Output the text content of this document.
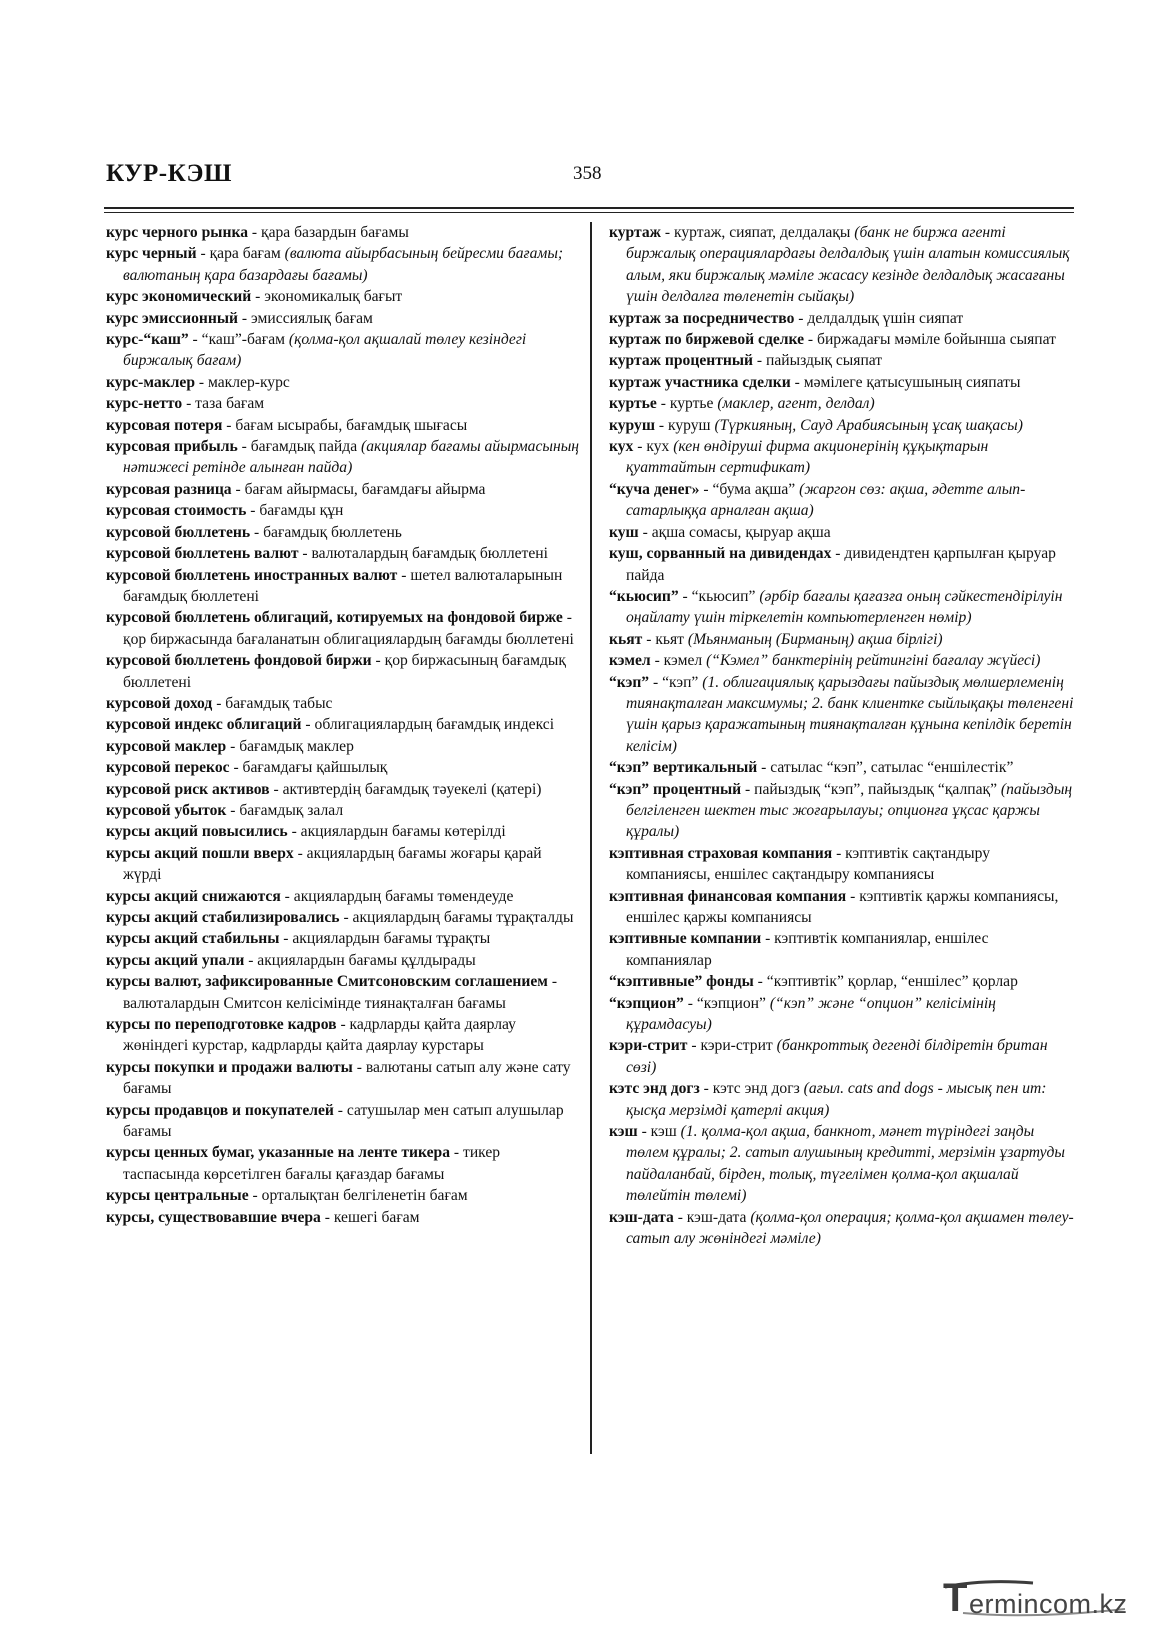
КУР-КЭШ	358
курс черного рынка - қара базардын бағамы
курс черный - қара бағам (валюта айырбасының бейресми бағамы; валютаның қара базардағы бағамы)
курс экономический - экономикалық бағыт
курс эмиссионный - эмиссиялық бағам
курс-“каш” - “каш”-бағам (қолма-қол ақшалай төлеу кезіндегі биржалық бағам)
курс-маклер - маклер-курс
курс-нетто - таза бағам
курсовая потеря - бағам ысырабы, бағамдық шығасы
курсовая прибыль - бағамдық пайда (акциялар бағамы айырмасының нәтижесі ретінде алынған пайда)
курсовая разница - бағам айырмасы, бағамдағы айырма
курсовая стоимость - бағамды құн
курсовой бюллетень - бағамдық бюллетень
курсовой бюллетень валют - валюталардың бағамдық бюллетені
курсовой бюллетень иностранных валют - шетел валюталарынын бағамдық бюллетені
курсовой бюллетень облигаций, котируемых на фондовой бирже - қор биржасында бағаланатын облигациялардың бағамды бюллетені
курсовой бюллетень фондовой биржи - қор биржасының бағамдық бюллетені
курсовой доход - бағамдық табыс
курсовой индекс облигаций - облигациялардың бағамдық индексі
курсовой маклер - бағамдық маклер
курсовой перекос - бағамдағы қайшылық
курсовой риск активов - активтердің бағамдық тәуекелі (қатері)
курсовой убыток - бағамдық залал
курсы акций повысились - акциялардын бағамы көтерілді
курсы акций пошли вверх - акциялардың бағамы жоғары қарай жүрді
курсы акций снижаются - акциялардың бағамы төмендеуде
курсы акций стабилизировались - акциялардың бағамы тұрақталды
курсы акций стабильны - акциялардын бағамы тұрақты
курсы акций упали - акциялардын бағамы құлдырады
курсы валют, зафиксированные Смитсоновским соглашением - валюталардын Смитсон келісімінде тиянақталған бағамы
курсы по переподготовке кадров - кадрларды қайта даярлау жөніндегі курстар, кадрларды қайта даярлау курстары
курсы покупки и продажи валюты - валютаны сатып алу және сату бағамы
курсы продавцов и покупателей - сатушылар мен сатып алушылар бағамы
курсы ценных бумаг, указанные на ленте тикера - тикер таспасында көрсетілген бағалы қағаздар бағамы
курсы центральные - орталықтан белгіленетін бағам
курсы, существовавшие вчера - кешегі бағам
куртаж - куртаж, сияпат, делдалақы (банк не биржа агенті биржалық операциялардағы делдалдық үшін алатын комиссиялық алым, яки биржалық мәміле жасасу кезінде делдалдық жасағаны үшін делдалға төленетін сыйақы)
куртаж за посредничество - делдалдық үшін сияпат
куртаж по биржевой сделке - биржадағы мәміле бойынша сыяпат
куртаж процентный - пайыздық сыяпат
куртаж участника сделки - мәмілеге қатысушының сияпаты
куртье - куртье (маклер, агент, делдал)
куруш - куруш (Түркияның, Сауд Арабиясының ұсақ шақасы)
кух - кух (кен өндіруші фирма акционерінің құқықтарын қуаттайтын сертификат)
“куча денег» - “бума ақша” (жаргон сөз: ақша, әдетте алып-сатарлыққа арналған ақша)
куш - ақша сомасы, қыруар ақша
куш, сорванный на дивидендах - дивидендтен қарпылған қыруар пайда
“кьюсип” - “кьюсип” (әрбір бағалы қағазға оның сәйкестендірілуін оңайлату үшін тіркелетін компьютерленген нөмір)
кьят - кьят (Мьянманың (Бирманың) ақша бірлігі)
кэмел - кэмел (“Кэмел” банктерінің рейтингіні бағалау жүйесі)
“кэп” - “кэп” (1. облигациялық қарыздағы пайыздық мөлшерлеменің тиянақталған максимумы; 2. банк клиентке сыйлықақы төленгені үшін қарыз қаражатының тиянақталған құнына кепілдік беретін келісім)
“кэп” вертикальный - сатылас “кэп”, сатылас “еншілестік”
“кэп” процентный - пайыздық “кэп”, пайыздық “қалпақ” (пайыздың белгіленген шектен тыс жоғарылауы; опционға ұқсас қаржы құралы)
кэптивная страховая компания - кэптивтік сақтандыру компаниясы, еншілес сақтандыру компаниясы
кэптивная финансовая компания - кэптивтік қаржы компаниясы, еншілес қаржы компаниясы
кэптивные компании - кэптивтік компаниялар, еншілес компаниялар
“кэптивные” фонды - “кэптивтік” қорлар, “еншілес” қорлар
“кэпцион” - “кэпцион” (“кэп” және “опцион” келісімінің құрамдасуы)
кэри-стрит - кэри-стрит (банкроттық дегенді білдіретін британ сөзі)
кэтс энд догз - кэтс энд догз (ағыл. cats and dogs - мысық пен ит: қысқа мерзімді қатерлі акция)
кэш - кэш (1. қолма-қол ақша, банкнот, мәнет түріндегі заңды төлем құралы; 2. сатып алушының кредитті, мерзімін ұзартуды пайдаланбай, бірден, толық, түгелімен қолма-қол ақшалай төлейтін төлемі)
кэш-дата - кэш-дата (қолма-қол операция; қолма-қол ақшамен төлеу-сатып алу жөніндегі мәміле)
T ermincom.kz
